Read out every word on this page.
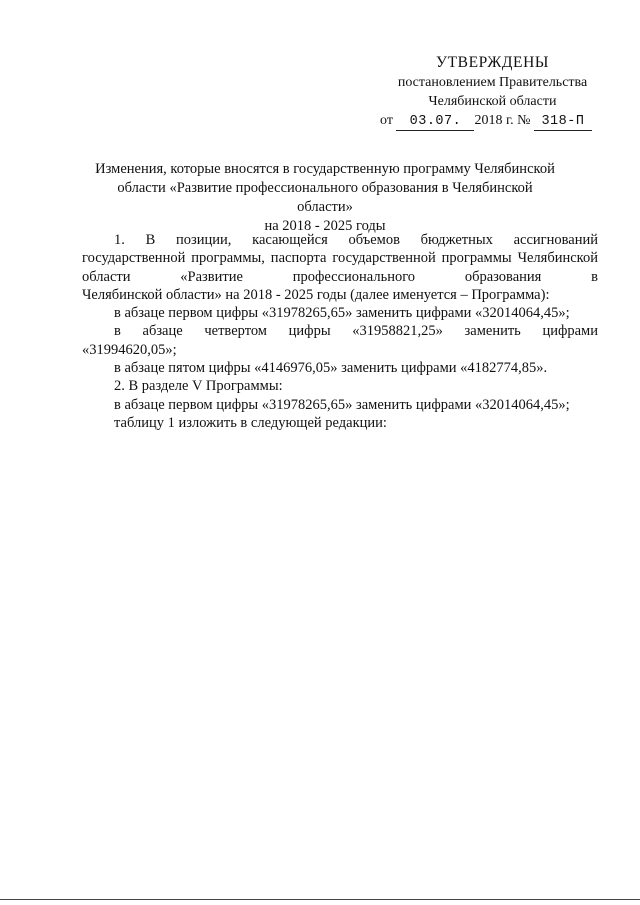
УТВЕРЖДЕНЫ
постановлением Правительства
Челябинской области
от 03.07. 2018 г. № 318-П
Изменения, которые вносятся в государственную программу Челябинской
области «Развитие профессионального образования в Челябинской области»
на 2018 - 2025 годы

1. В позиции, касающейся объемов бюджетных ассигнований государственной программы, паспорта государственной программы Челябинской области «Развитие профессионального образования в

Челябинской области» на 2018 - 2025 годы (далее именуется – Программа):

в абзаце первом цифры «31978265,65» заменить цифрами «32014064,45»;

в абзаце четвертом цифры «31958821,25» заменить цифрами

«31994620,05»;

в абзаце пятом цифры «4146976,05» заменить цифрами «4182774,85».

2. В разделе V Программы:

в абзаце первом цифры «31978265,65» заменить цифрами «32014064,45»;

таблицу 1 изложить в следующей редакции:
